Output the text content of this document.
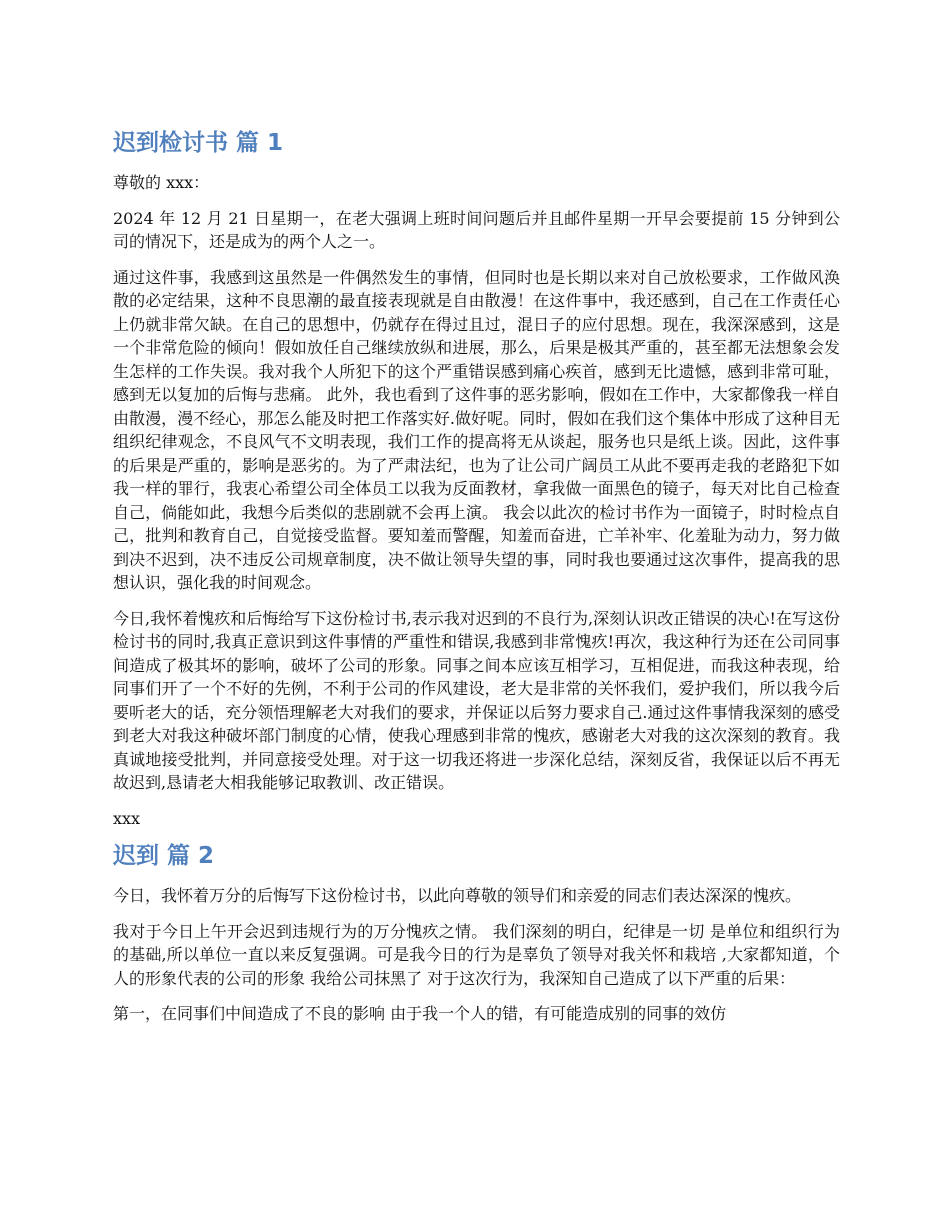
迟到检讨书 篇 1

尊敬的 xxx：

2024 年 12 月 21 日星期一，在老大强调上班时间问题后并且邮件星期一开早会要提前 15 分钟到公司的情况下，还是成为的两个人之一。

通过这件事，我感到这虽然是一件偶然发生的事情，但同时也是长期以来对自己放松要求，工作做风涣散的必定结果，这种不良思潮的最直接表现就是自由散漫！在这件事中，我还感到，自己在工作责任心上仍就非常欠缺。在自己的思想中，仍就存在得过且过，混日子的应付思想。现在，我深深感到，这是一个非常危险的倾向！假如放任自己继续放纵和进展，那么，后果是极其严重的，甚至都无法想象会发生怎样的工作失误。我对我个人所犯下的这个严重错误感到痛心疾首，感到无比遗憾，感到非常可耻，感到无以复加的后悔与悲痛。 此外，我也看到了这件事的恶劣影响，假如在工作中，大家都像我一样自由散漫，漫不经心，那怎么能及时把工作落实好.做好呢。同时，假如在我们这个集体中形成了这种目无组织纪律观念，不良风气不文明表现，我们工作的提高将无从谈起，服务也只是纸上谈。因此，这件事的后果是严重的，影响是恶劣的。为了严肃法纪，也为了让公司广阔员工从此不要再走我的老路犯下如我一样的罪行，我衷心希望公司全体员工以我为反面教材，拿我做一面黑色的镜子，每天对比自己检查自己，倘能如此，我想今后类似的悲剧就不会再上演。 我会以此次的检讨书作为一面镜子，时时检点自己，批判和教育自己，自觉接受监督。要知羞而警醒，知羞而奋进，亡羊补牢、化羞耻为动力，努力做到决不迟到，决不违反公司规章制度，决不做让领导失望的事，同时我也要通过这次事件，提高我的思想认识，强化我的时间观念。

今日,我怀着愧疚和后悔给写下这份检讨书,表示我对迟到的不良行为,深刻认识改正错误的决心!在写这份检讨书的同时,我真正意识到这件事情的严重性和错误,我感到非常愧疚!再次，我这种行为还在公司同事间造成了极其坏的影响，破坏了公司的形象。同事之间本应该互相学习，互相促进，而我这种表现，给同事们开了一个不好的先例，不利于公司的作风建设，老大是非常的关怀我们，爱护我们，所以我今后要听老大的话，充分领悟理解老大对我们的要求，并保证以后努力要求自己.通过这件事情我深刻的感受到老大对我这种破坏部门制度的心情，使我心理感到非常的愧疚，感谢老大对我的这次深刻的教育。我真诚地接受批判，并同意接受处理。对于这一切我还将进一步深化总结，深刻反省，我保证以后不再无故迟到,恳请老大相我能够记取教训、改正错误。

xxx

迟到 篇 2

今日，我怀着万分的后悔写下这份检讨书，以此向尊敬的领导们和亲爱的同志们表达深深的愧疚。

我对于今日上午开会迟到违规行为的万分愧疚之情。 我们深刻的明白，纪律是一切 是单位和组织行为的基础,所以单位一直以来反复强调。可是我今日的行为是辜负了领导对我关怀和栽培 ,大家都知道，个人的形象代表的公司的形象 我给公司抹黑了 对于这次行为，我深知自己造成了以下严重的后果：

第一，在同事们中间造成了不良的影响 由于我一个人的错，有可能造成别的同事的效仿
